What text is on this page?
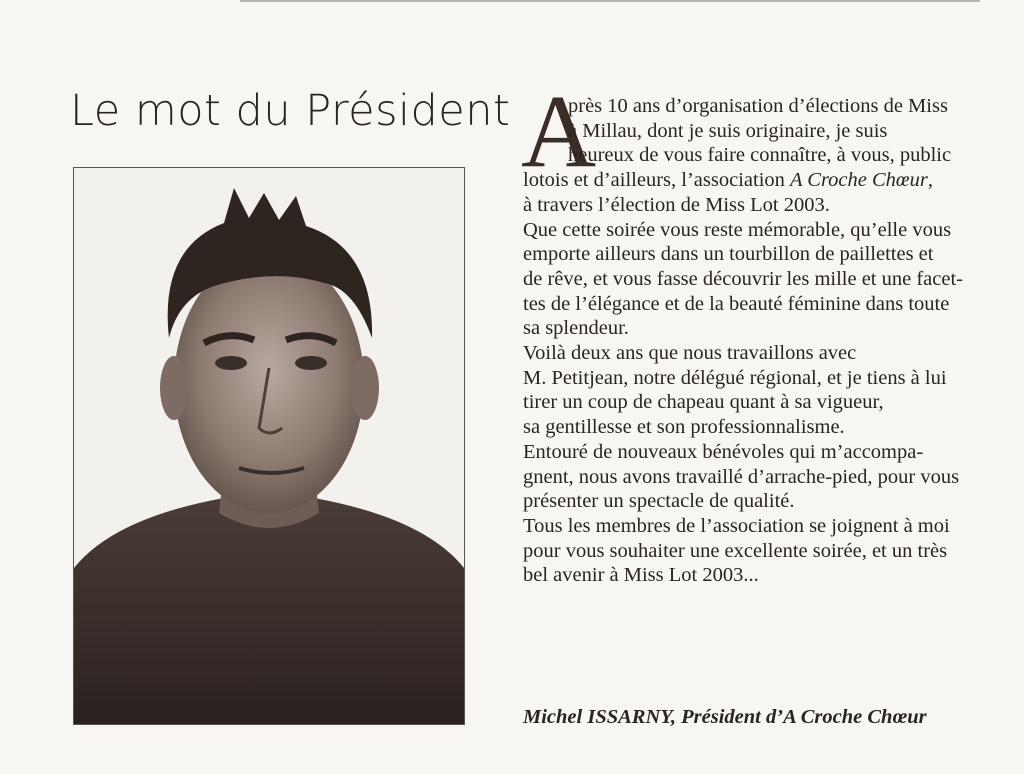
Le mot du Président A
près 10 ans d’organisation d’élections de Miss
à Millau, dont je suis originaire, je suis
heureux de vous faire connaître, à vous, public
lotois et d’ailleurs, l’association A Croche Chœur,
à travers l’élection de Miss Lot 2003.
Que cette soirée vous reste mémorable, qu’elle vous
emporte ailleurs dans un tourbillon de paillettes et
de rêve, et vous fasse découvrir les mille et une facet-
tes de l’élégance et de la beauté féminine dans toute
sa splendeur.
Voilà deux ans que nous travaillons avec
M. Petitjean, notre délégué régional, et je tiens à lui
tirer un coup de chapeau quant à sa vigueur,
sa gentillesse et son professionnalisme.
Entouré de nouveaux bénévoles qui m’accompa-
gnent, nous avons travaillé d’arrache-pied, pour vous
présenter un spectacle de qualité.
Tous les membres de l’association se joignent à moi
pour vous souhaiter une excellente soirée, et un très
bel avenir à Miss Lot 2003...
Michel ISSARNY, Président d’A Croche Chœur
